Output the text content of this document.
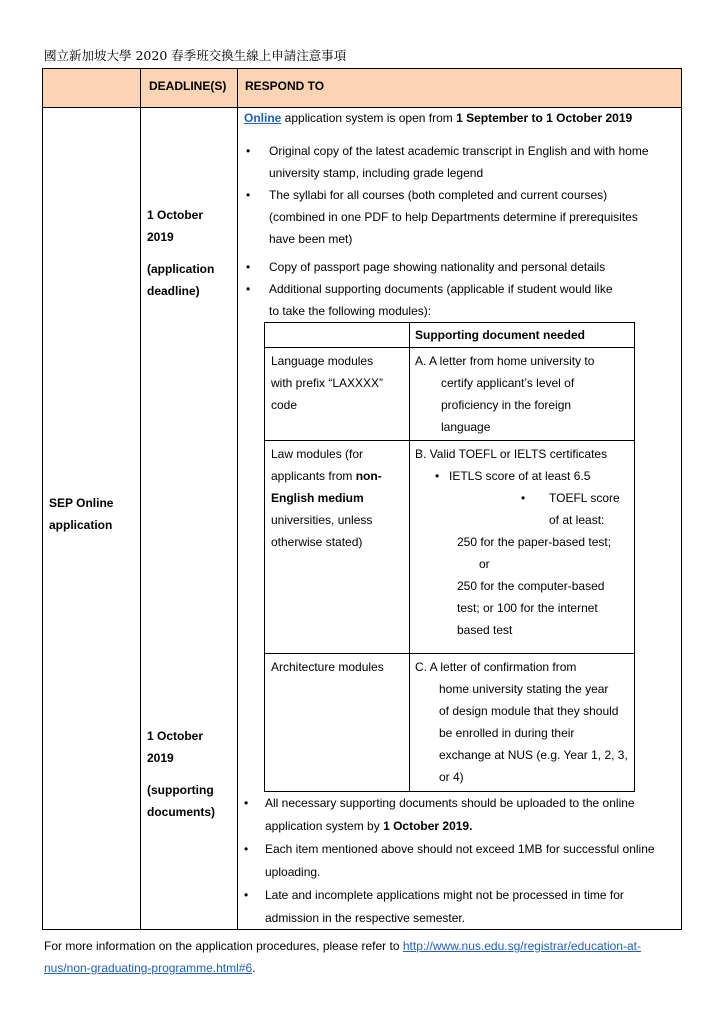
國立新加坡大學 2020 春季班交換生線上申請注意事項
DEADLINE(S) RESPOND TO
SEP Online
application
1 October
2019
(application
deadline)
1 October
2019
(supporting
documents)
Online application system is open from 1 September to 1 October 2019
• Original copy of the latest academic transcript in English and with home
university stamp, including grade legend
• The syllabi for all courses (both completed and current courses)
(combined in one PDF to help Departments determine if prerequisites
have been met)
• Copy of passport page showing nationality and personal details
• Additional supporting documents (applicable if student would like
to take the following modules):
Supporting document needed
Language modules
with prefix “LAXXXX”
code
A. A letter from home university to
certify applicant’s level of
proficiency in the foreign
language
Law modules (for
applicants from non-
English medium
universities, unless
otherwise stated)
B. Valid TOEFL or IELTS certificates
• IETLS score of at least 6.5
• TOEFL score
of at least:
250 for the paper-based test;
or
250 for the computer-based
test; or 100 for the internet
based test
Architecture modules	C. A letter of confirmation from
home university stating the year
of design module that they should
be enrolled in during their
exchange at NUS (e.g. Year 1, 2, 3,
or 4)
• All necessary supporting documents should be uploaded to the online
application system by 1 October 2019.
• Each item mentioned above should not exceed 1MB for successful online
uploading.
• Late and incomplete applications might not be processed in time for
admission in the respective semester.
For more information on the application procedures, please refer to http://www.nus.edu.sg/registrar/education-at-
nus/non-graduating-programme.html#6.
